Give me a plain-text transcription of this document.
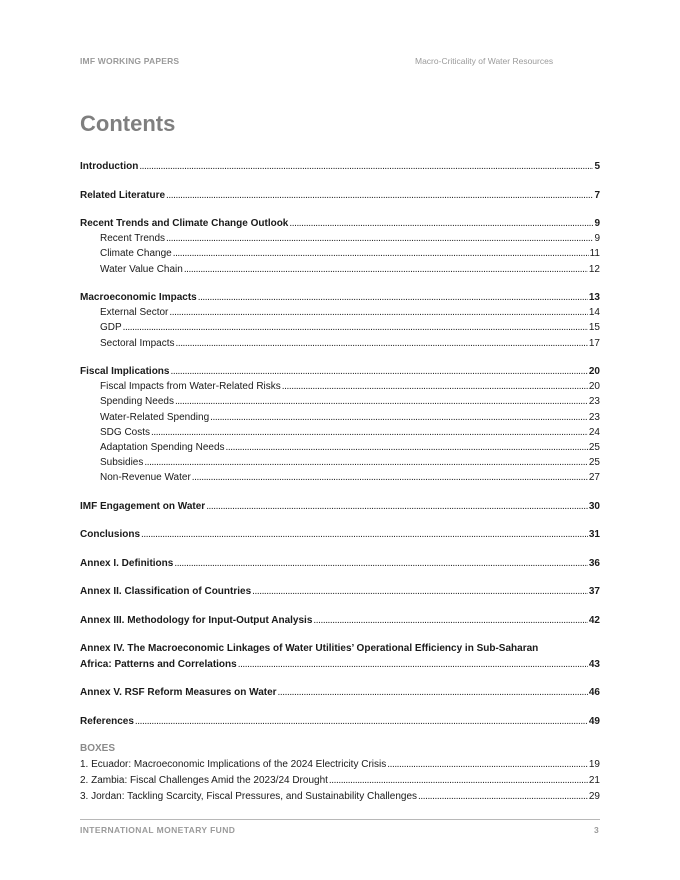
IMF WORKING PAPERS	Macro-Criticality of Water Resources
Contents
Introduction . . .	5
Related Literature . . .	7
Recent Trends and Climate Change Outlook . . .	9
Recent Trends . . .	9
Climate Change . . .	11
Water Value Chain . . .	12
Macroeconomic Impacts . . .	13
External Sector . . .	14
GDP . . .	15
Sectoral Impacts . . .	17
Fiscal Implications . . .	20
Fiscal Impacts from Water-Related Risks . . .	20
Spending Needs . . .	23
Water-Related Spending . . .	23
SDG Costs . . .	24
Adaptation Spending Needs . . .	25
Subsidies . . .	25
Non-Revenue Water . . .	27
IMF Engagement on Water . . .	30
Conclusions . . .	31
Annex I. Definitions . . .	36
Annex II. Classification of Countries . . .	37
Annex III. Methodology for Input-Output Analysis . . .	42
Annex IV. The Macroeconomic Linkages of Water Utilities’ Operational Efficiency in Sub-Saharan
Africa: Patterns and Correlations . . .	43
Annex V. RSF Reform Measures on Water . . .	46
References . . .	49
1. Ecuador: Macroeconomic Implications of the 2024 Electricity Crisis . . .	19
2. Zambia: Fiscal Challenges Amid the 2023/24 Drought . . .	21
3. Jordan: Tackling Scarcity, Fiscal Pressures, and Sustainability Challenges . . .	29
BOXES
INTERNATIONAL MONETARY FUND	3
